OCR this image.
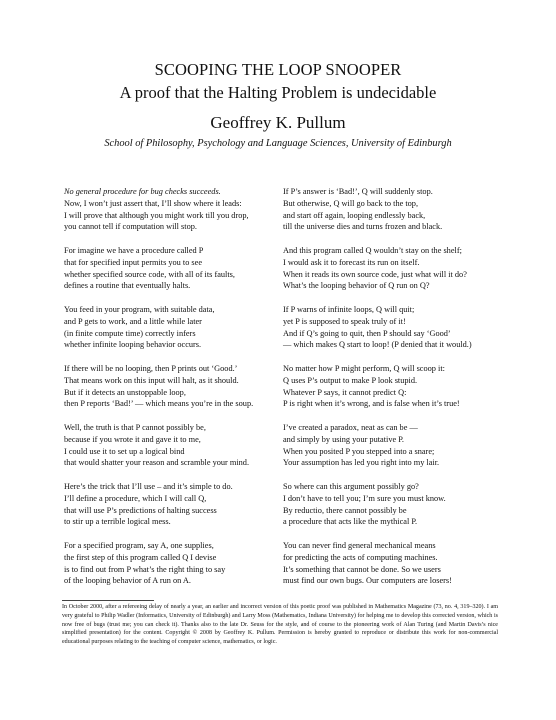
SCOOPING THE LOOP SNOOPER
A proof that the Halting Problem is undecidable
Geoffrey K. Pullum
School of Philosophy, Psychology and Language Sciences, University of Edinburgh
No general procedure for bug checks succeeds.
Now, I won’t just assert that, I’ll show where it leads:
I will prove that although you might work till you drop,
you cannot tell if computation will stop.
For imagine we have a procedure called P
that for specified input permits you to see
whether specified source code, with all of its faults,
defines a routine that eventually halts.
You feed in your program, with suitable data,
and P gets to work, and a little while later
(in finite compute time) correctly infers
whether infinite looping behavior occurs.
If there will be no looping, then P prints out ‘Good.’
That means work on this input will halt, as it should.
But if it detects an unstoppable loop,
then P reports ‘Bad!’ — which means you’re in the soup.
Well, the truth is that P cannot possibly be,
because if you wrote it and gave it to me,
I could use it to set up a logical bind
that would shatter your reason and scramble your mind.
Here’s the trick that I’ll use – and it’s simple to do.
I’ll define a procedure, which I will call Q,
that will use P’s predictions of halting success
to stir up a terrible logical mess.
For a specified program, say A, one supplies,
the first step of this program called Q I devise
is to find out from P what’s the right thing to say
of the looping behavior of A run on A.
If P’s answer is ‘Bad!’, Q will suddenly stop.
But otherwise, Q will go back to the top,
and start off again, looping endlessly back,
till the universe dies and turns frozen and black.
And this program called Q wouldn’t stay on the shelf;
I would ask it to forecast its run on itself.
When it reads its own source code, just what will it do?
What’s the looping behavior of Q run on Q?
If P warns of infinite loops, Q will quit;
yet P is supposed to speak truly of it!
And if Q’s going to quit, then P should say ‘Good’
— which makes Q start to loop! (P denied that it would.)
No matter how P might perform, Q will scoop it:
Q uses P’s output to make P look stupid.
Whatever P says, it cannot predict Q:
P is right when it’s wrong, and is false when it’s true!
I’ve created a paradox, neat as can be —
and simply by using your putative P.
When you posited P you stepped into a snare;
Your assumption has led you right into my lair.
So where can this argument possibly go?
I don’t have to tell you; I’m sure you must know.
By reductio, there cannot possibly be
a procedure that acts like the mythical P.
You can never find general mechanical means
for predicting the acts of computing machines.
It’s something that cannot be done. So we users
must find our own bugs. Our computers are losers!
In October 2000, after a refereeing delay of nearly a year, an earlier and incorrect version of this poetic proof was published in Mathematics Magazine (73, no. 4, 319–320). I am very grateful to Philip Wadler (Informatics, University of Edinburgh) and Larry Moss (Mathematics, Indiana University) for helping me to develop this corrected version, which is now free of bugs (trust me; you can check it). Thanks also to the late Dr. Seuss for the style, and of course to the pioneering work of Alan Turing (and Martin Davis’s nice simplified presentation) for the content. Copyright © 2008 by Geoffrey K. Pullum. Permission is hereby granted to reproduce or distribute this work for non-commercial educational purposes relating to the teaching of computer science, mathematics, or logic.
